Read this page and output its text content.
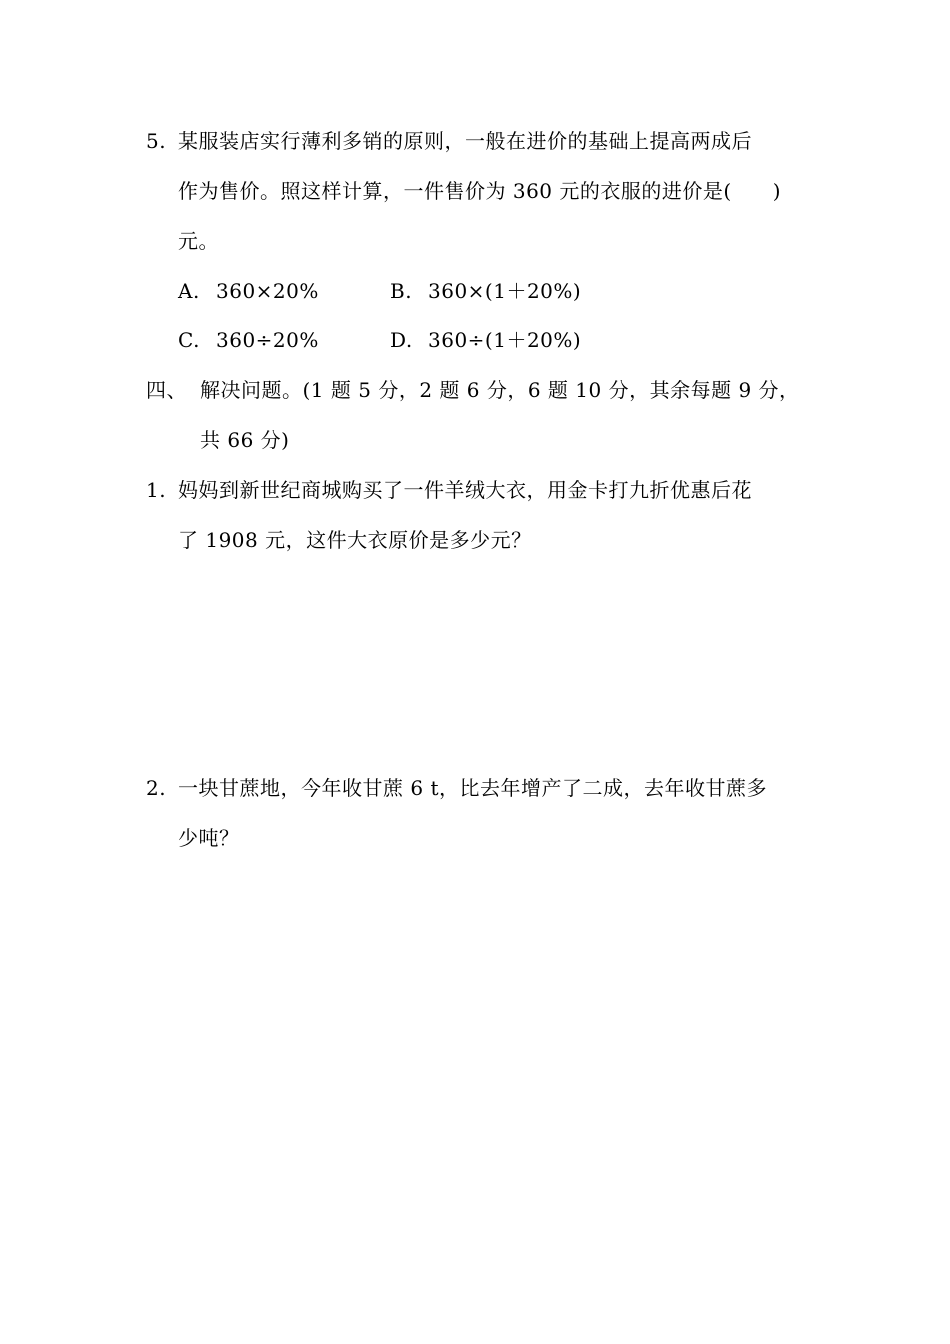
5. 某服装店实行薄利多销的原则，一般在进价的基础上提高两成后
作为售价。照这样计算，一件售价为 360 元的衣服的进价是(　　)
元。
A. 360×20%	B. 360×(1＋20%)
C. 360÷20%	D. 360÷(1＋20%)
四、 解决问题。(1 题 5 分，2 题 6 分，6 题 10 分，其余每题 9 分，
共 66 分)
1. 妈妈到新世纪商城购买了一件羊绒大衣，用金卡打九折优惠后花
了 1908 元，这件大衣原价是多少元？
2. 一块甘蔗地，今年收甘蔗 6 t，比去年增产了二成，去年收甘蔗多
少吨？
